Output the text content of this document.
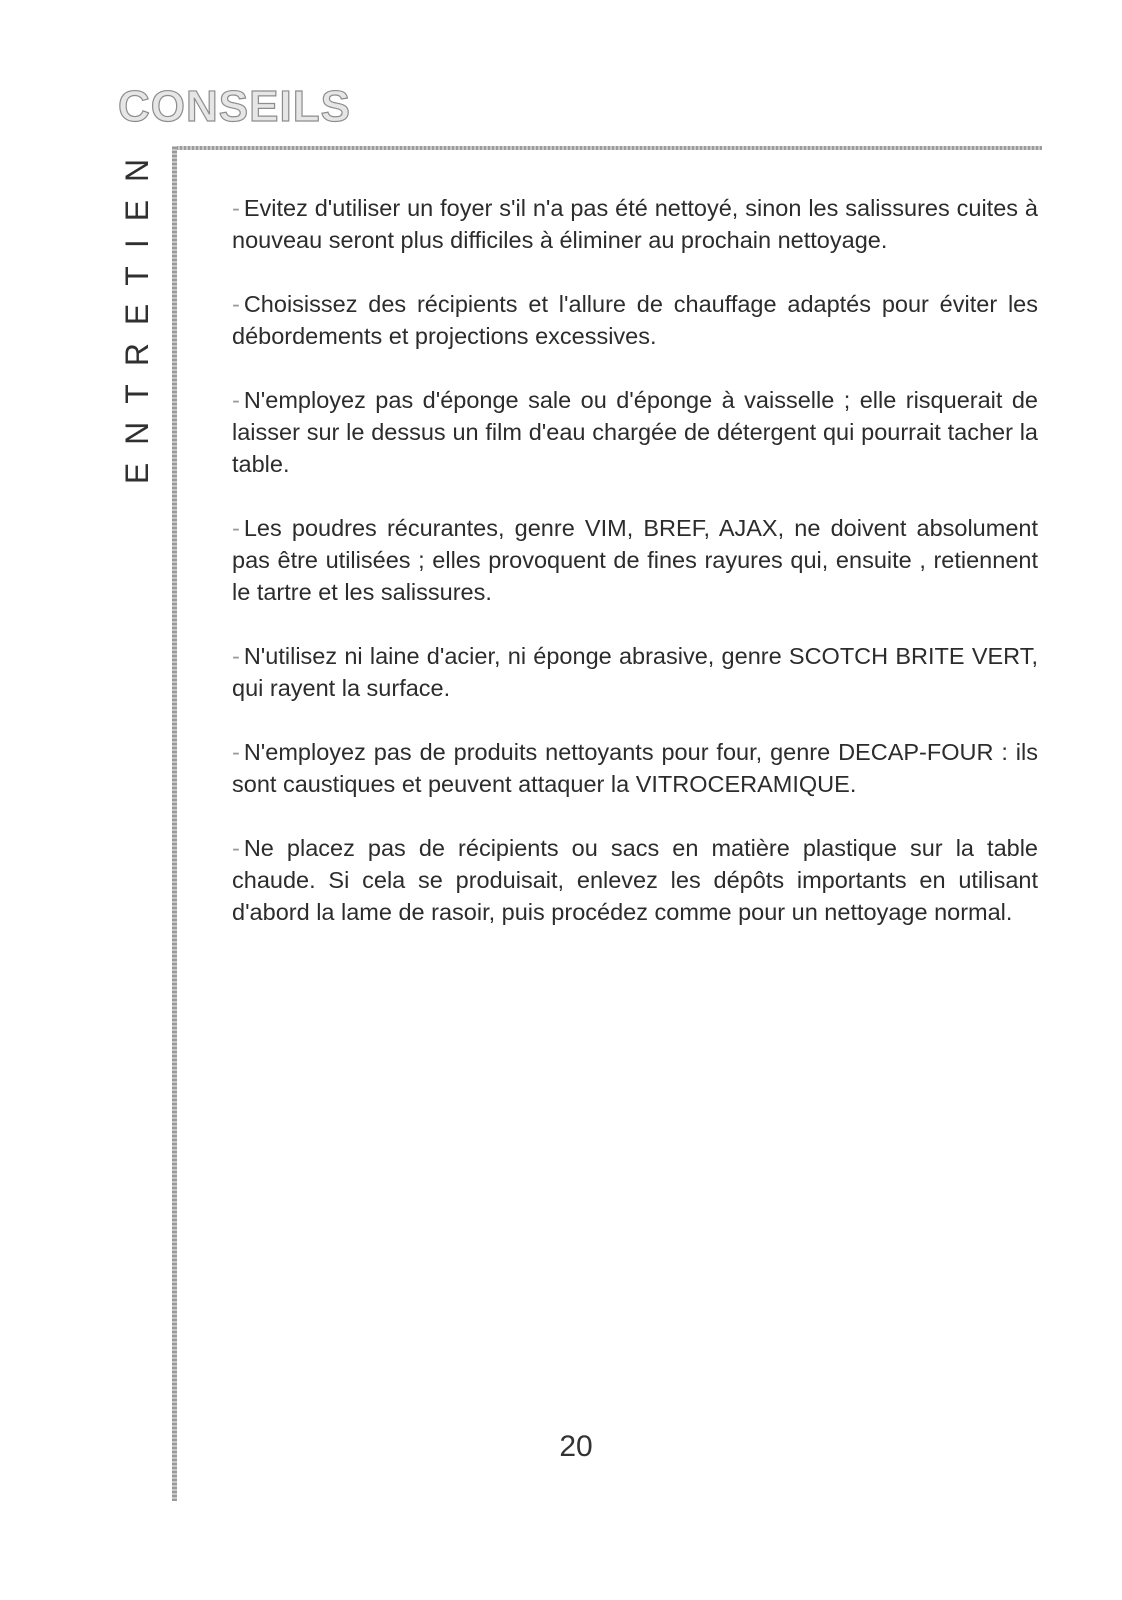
CONSEILS
ENTRETIEN	- Evitez d'utiliser un foyer s'il n'a pas été nettoyé, sinon les salissures cuites à nouveau seront plus difficiles à éliminer au prochain nettoyage.

- Choisissez des récipients et l'allure de chauffage adaptés pour éviter les débordements et projections excessives.

- N'employez pas d'éponge sale ou d'éponge à vaisselle ; elle risquerait de laisser sur le dessus un film d'eau chargée de détergent qui pourrait tacher la table.

- Les poudres récurantes, genre VIM, BREF, AJAX, ne doivent absolument pas être utilisées ; elles provoquent de fines rayures qui, ensuite , retiennent le tartre et les salissures.

- N'utilisez ni laine d'acier, ni éponge abrasive, genre SCOTCH BRITE VERT, qui rayent la surface.

- N'employez pas de produits nettoyants pour four, genre DECAP-FOUR : ils sont caustiques et peuvent attaquer la VITROCERAMIQUE.

- Ne placez pas de récipients ou sacs en matière plastique sur la table chaude. Si cela se produisait, enlevez les dépôts importants en utilisant d'abord la lame de rasoir, puis procédez comme pour un nettoyage normal.

20
